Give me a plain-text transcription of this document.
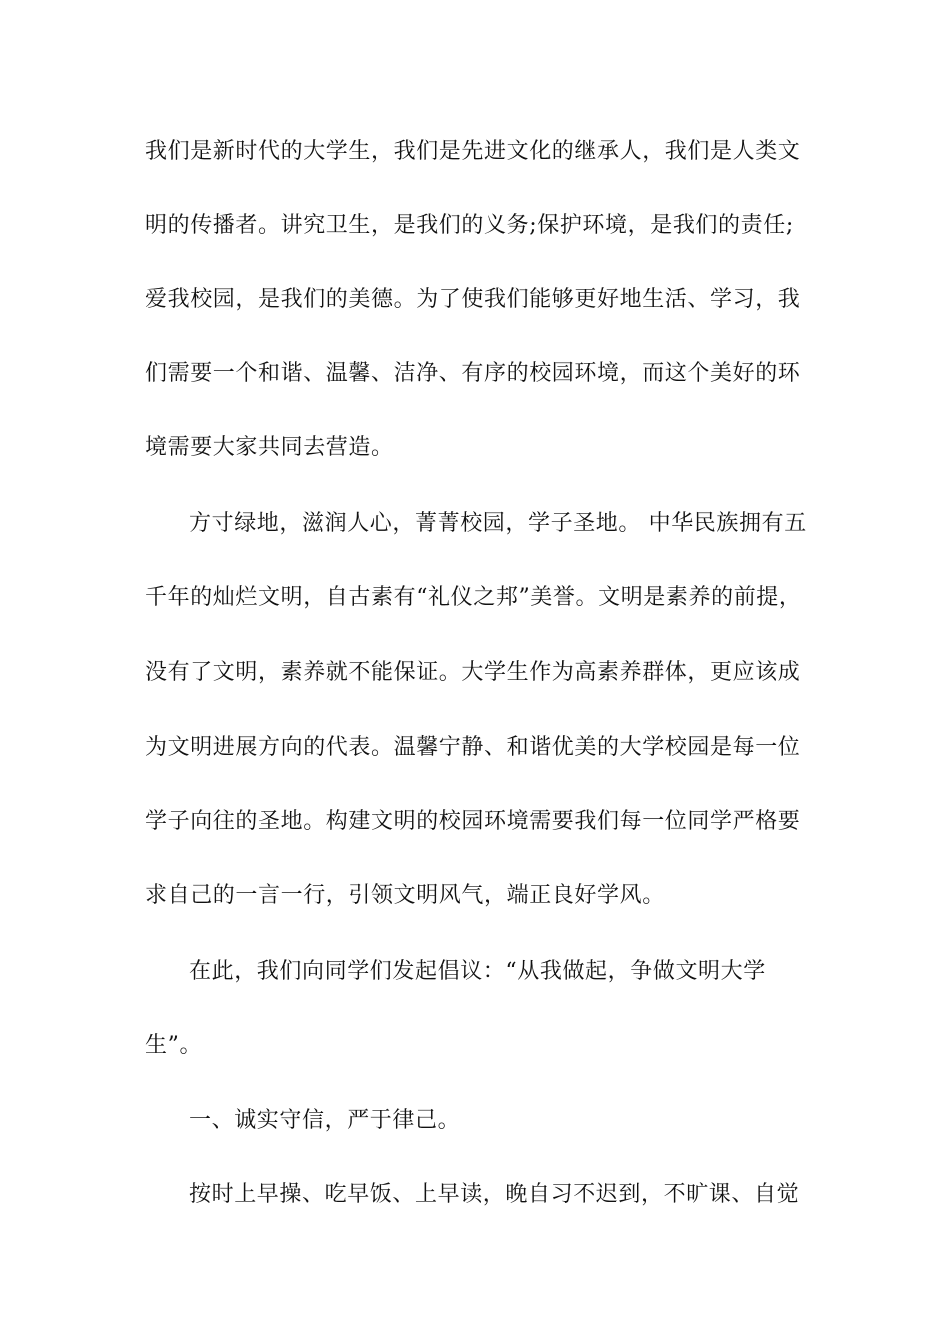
我们是新时代的大学生，我们是先进文化的继承人，我们是人类文
明的传播者。讲究卫生，是我们的义务;保护环境，是我们的责任;
爱我校园，是我们的美德。为了使我们能够更好地生活、学习，我
们需要一个和谐、温馨、洁净、有序的校园环境，而这个美好的环
境需要大家共同去营造。
方寸绿地，滋润人心，菁菁校园，学子圣地。 中华民族拥有五
千年的灿烂文明，自古素有“礼仪之邦”美誉。文明是素养的前提，
没有了文明，素养就不能保证。大学生作为高素养群体，更应该成
为文明进展方向的代表。温馨宁静、和谐优美的大学校园是每一位
学子向往的圣地。构建文明的校园环境需要我们每一位同学严格要
求自己的一言一行，引领文明风气，端正良好学风。
在此，我们向同学们发起倡议：“从我做起，争做文明大学
生”。
一、诚实守信，严于律己。
按时上早操、吃早饭、上早读，晚自习不迟到，不旷课、自觉
